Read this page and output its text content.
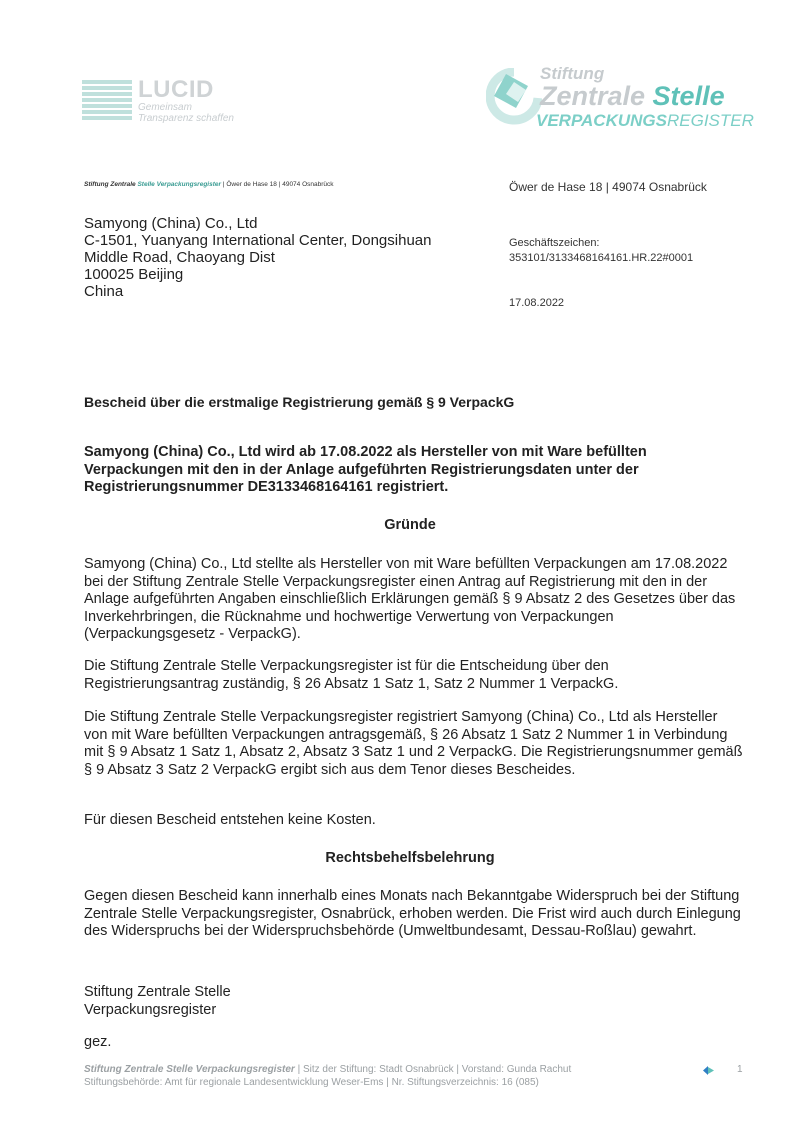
LUCID
Gemeinsam
Transparenz schaffen
Stiftung
Zentrale Stelle
VERPACKUNGSREGISTER
Stiftung Zentrale Stelle Verpackungsregister | Öwer de Hase 18 | 49074 Osnabrück
Samyong (China) Co., Ltd
C-1501, Yuanyang International Center, Dongsihuan
Middle Road, Chaoyang Dist
100025 Beijing
China
Öwer de Hase 18 | 49074 Osnabrück
Geschäftszeichen:
353101/3133468164161.HR.22#0001
17.08.2022
Bescheid über die erstmalige Registrierung gemäß § 9 VerpackG
Samyong (China) Co., Ltd wird ab 17.08.2022 als Hersteller von mit Ware befüllten Verpackungen mit den in der Anlage aufgeführten Registrierungsdaten unter der Registrierungsnummer DE3133468164161 registriert.
Gründe
Samyong (China) Co., Ltd stellte als Hersteller von mit Ware befüllten Verpackungen am 17.08.2022 bei der Stiftung Zentrale Stelle Verpackungsregister einen Antrag auf Registrierung mit den in der Anlage aufgeführten Angaben einschließlich Erklärungen gemäß § 9 Absatz 2 des Gesetzes über das Inverkehrbringen, die Rücknahme und hochwertige Verwertung von Verpackungen (Verpackungsgesetz - VerpackG).
Die Stiftung Zentrale Stelle Verpackungsregister ist für die Entscheidung über den Registrierungsantrag zuständig, § 26 Absatz 1 Satz 1, Satz 2 Nummer 1 VerpackG.
Die Stiftung Zentrale Stelle Verpackungsregister registriert Samyong (China) Co., Ltd als Hersteller von mit Ware befüllten Verpackungen antragsgemäß, § 26 Absatz 1 Satz 2 Nummer 1 in Verbindung mit § 9 Absatz 1 Satz 1, Absatz 2, Absatz 3 Satz 1 und 2 VerpackG. Die Registrierungsnummer gemäß § 9 Absatz 3 Satz 2 VerpackG ergibt sich aus dem Tenor dieses Bescheides.
Für diesen Bescheid entstehen keine Kosten.
Rechtsbehelfsbelehrung
Gegen diesen Bescheid kann innerhalb eines Monats nach Bekanntgabe Widerspruch bei der Stiftung Zentrale Stelle Verpackungsregister, Osnabrück, erhoben werden. Die Frist wird auch durch Einlegung des Widerspruchs bei der Widerspruchsbehörde (Umweltbundesamt, Dessau-Roßlau) gewahrt.
Stiftung Zentrale Stelle
Verpackungsregister
gez.
Stiftung Zentrale Stelle Verpackungsregister | Sitz der Stiftung: Stadt Osnabrück | Vorstand: Gunda Rachut
Stiftungsbehörde: Amt für regionale Landesentwicklung Weser-Ems | Nr. Stiftungsverzeichnis: 16 (085)
1
